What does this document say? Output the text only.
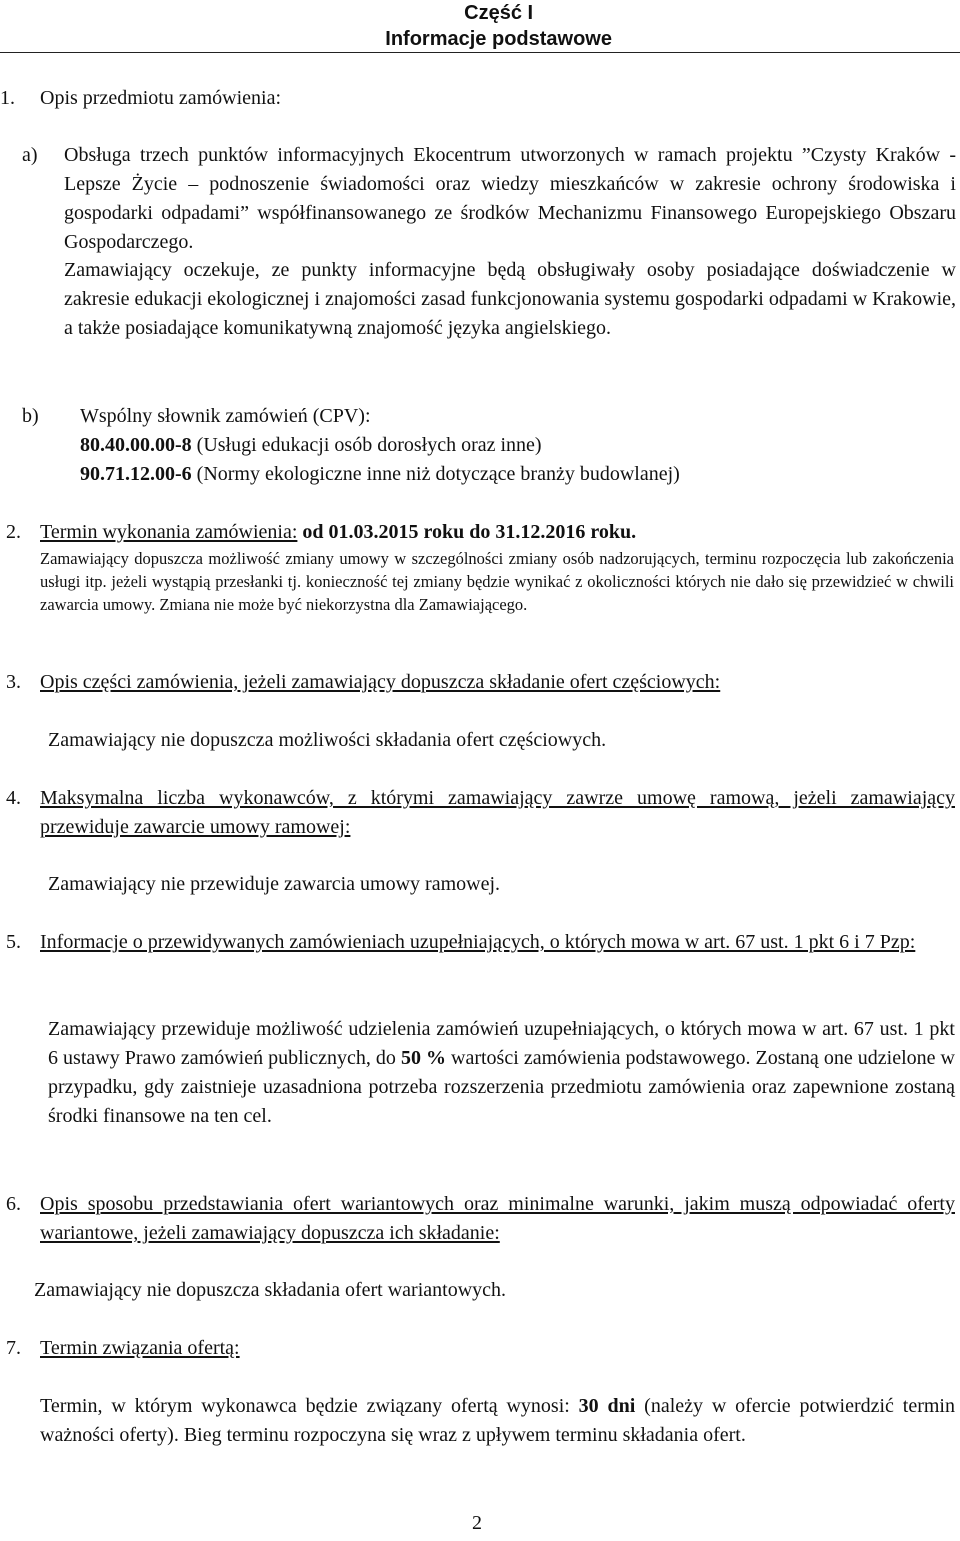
Część I
Informacje podstawowe
1. Opis przedmiotu zamówienia:
a) Obsługa trzech punktów informacyjnych Ekocentrum utworzonych w ramach projektu ”Czysty Kraków - Lepsze Życie – podnoszenie świadomości oraz wiedzy mieszkańców w zakresie ochrony środowiska i gospodarki odpadami” współfinansowanego ze środków Mechanizmu Finansowego Europejskiego Obszaru Gospodarczego.
Zamawiający oczekuje, ze punkty informacyjne będą obsługiwały osoby posiadające doświadczenie w zakresie edukacji ekologicznej i znajomości zasad funkcjonowania systemu gospodarki odpadami w Krakowie, a także posiadające komunikatywną znajomość języka angielskiego.
b) Wspólny słownik zamówień (CPV):
80.40.00.00-8 (Usługi edukacji osób dorosłych oraz inne)
90.71.12.00-6 (Normy ekologiczne inne niż dotyczące branży budowlanej)
2. Termin wykonania zamówienia: od 01.03.2015 roku do 31.12.2016 roku.
Zamawiający dopuszcza możliwość zmiany umowy w szczególności zmiany osób nadzorujących, terminu rozpoczęcia lub zakończenia usługi itp. jeżeli wystąpią przesłanki tj. konieczność tej zmiany będzie wynikać z okoliczności których nie dało się przewidzieć w chwili zawarcia umowy. Zmiana nie może być niekorzystna dla Zamawiającego.
3. Opis części zamówienia, jeżeli zamawiający dopuszcza składanie ofert częściowych:
Zamawiający nie dopuszcza możliwości składania ofert częściowych.
4. Maksymalna liczba wykonawców, z którymi zamawiający zawrze umowę ramową, jeżeli zamawiający przewiduje zawarcie umowy ramowej:
Zamawiający nie przewiduje zawarcia umowy ramowej.
5. Informacje o przewidywanych zamówieniach uzupełniających, o których mowa w art. 67 ust. 1 pkt 6 i 7 Pzp:
Zamawiający przewiduje możliwość udzielenia zamówień uzupełniających, o których mowa w art. 67 ust. 1 pkt 6 ustawy Prawo zamówień publicznych, do 50 % wartości zamówienia podstawowego. Zostaną one udzielone w przypadku, gdy zaistnieje uzasadniona potrzeba rozszerzenia przedmiotu zamówienia oraz zapewnione zostaną środki finansowe na ten cel.
6. Opis sposobu przedstawiania ofert wariantowych oraz minimalne warunki, jakim muszą odpowiadać oferty wariantowe, jeżeli zamawiający dopuszcza ich składanie:
Zamawiający nie dopuszcza składania ofert wariantowych.
7. Termin związania ofertą:
Termin, w którym wykonawca będzie związany ofertą wynosi: 30 dni (należy w ofercie potwierdzić termin ważności oferty). Bieg terminu rozpoczyna się wraz z upływem terminu składania ofert.
2
